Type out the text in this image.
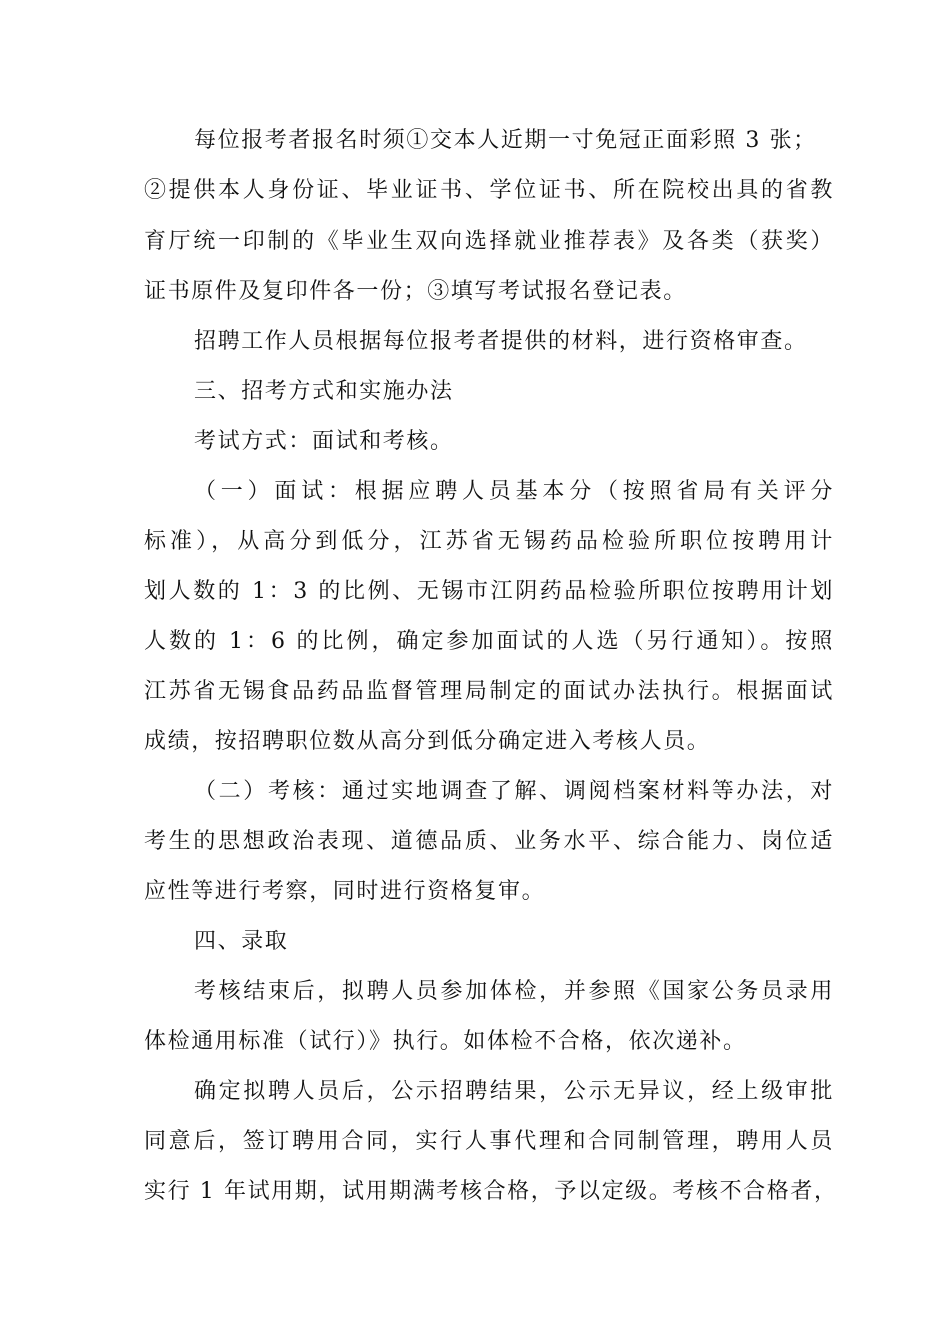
每位报考者报名时须①交本人近期一寸免冠正面彩照 3 张；
②提供本人身份证、毕业证书、学位证书、所在院校出具的省教
育厅统一印制的《毕业生双向选择就业推荐表》及各类（获奖）
证书原件及复印件各一份；③填写考试报名登记表。
招聘工作人员根据每位报考者提供的材料，进行资格审查。
三、招考方式和实施办法
考试方式：面试和考核。
（一）面试：根据应聘人员基本分（按照省局有关评分
标准），从高分到低分，江苏省无锡药品检验所职位按聘用计
划人数的 1：3 的比例、无锡市江阴药品检验所职位按聘用计划
人数的 1：6 的比例，确定参加面试的人选（另行通知）。按照
江苏省无锡食品药品监督管理局制定的面试办法执行。根据面试
成绩，按招聘职位数从高分到低分确定进入考核人员。
（二）考核：通过实地调查了解、调阅档案材料等办法，对
考生的思想政治表现、道德品质、业务水平、综合能力、岗位适
应性等进行考察，同时进行资格复审。
四、录取
考核结束后，拟聘人员参加体检，并参照《国家公务员录用
体检通用标准（试行）》执行。如体检不合格，依次递补。
确定拟聘人员后，公示招聘结果，公示无异议，经上级审批
同意后，签订聘用合同，实行人事代理和合同制管理，聘用人员
实行 1 年试用期，试用期满考核合格，予以定级。考核不合格者，
